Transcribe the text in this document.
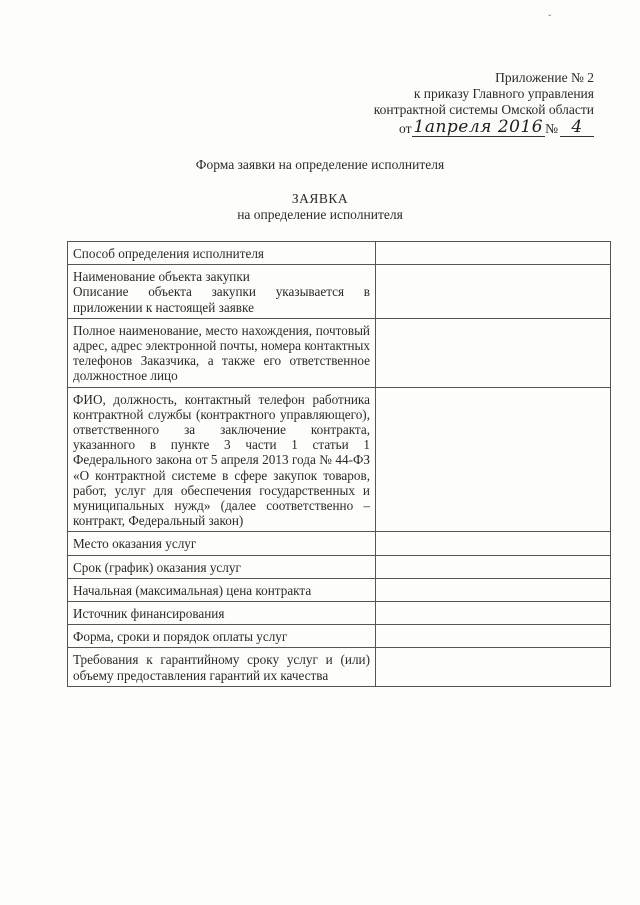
ˇ
Приложение № 2
к приказу Главного управления
контрактной системы Омской области
от 1апреля 2016 № 4
Форма заявки на определение исполнителя
ЗАЯВКА
на определение исполнителя
Способ определения исполнителя	

Наименование объекта закупки
Описание объекта закупки указывается в приложении к настоящей заявке	

Полное наименование, место нахождения, почтовый адрес, адрес электронной почты, номера контактных телефонов Заказчика, а также его ответственное должностное лицо	

ФИО, должность, контактный телефон работника контрактной службы (контрактного управляющего), ответственного за заключение контракта, указанного в пункте 3 части 1 статьи 1 Федерального закона от 5 апреля 2013 года № 44-ФЗ «О контрактной системе в сфере закупок товаров, работ, услуг для обеспечения государственных и муниципальных нужд» (далее соответственно – контракт, Федеральный закон)	

Место оказания услуг	

Срок (график) оказания услуг	

Начальная (максимальная) цена контракта	

Источник финансирования	

Форма, сроки и порядок оплаты услуг	

Требования к гарантийному сроку услуг и (или) объему предоставления гарантий их качества	
